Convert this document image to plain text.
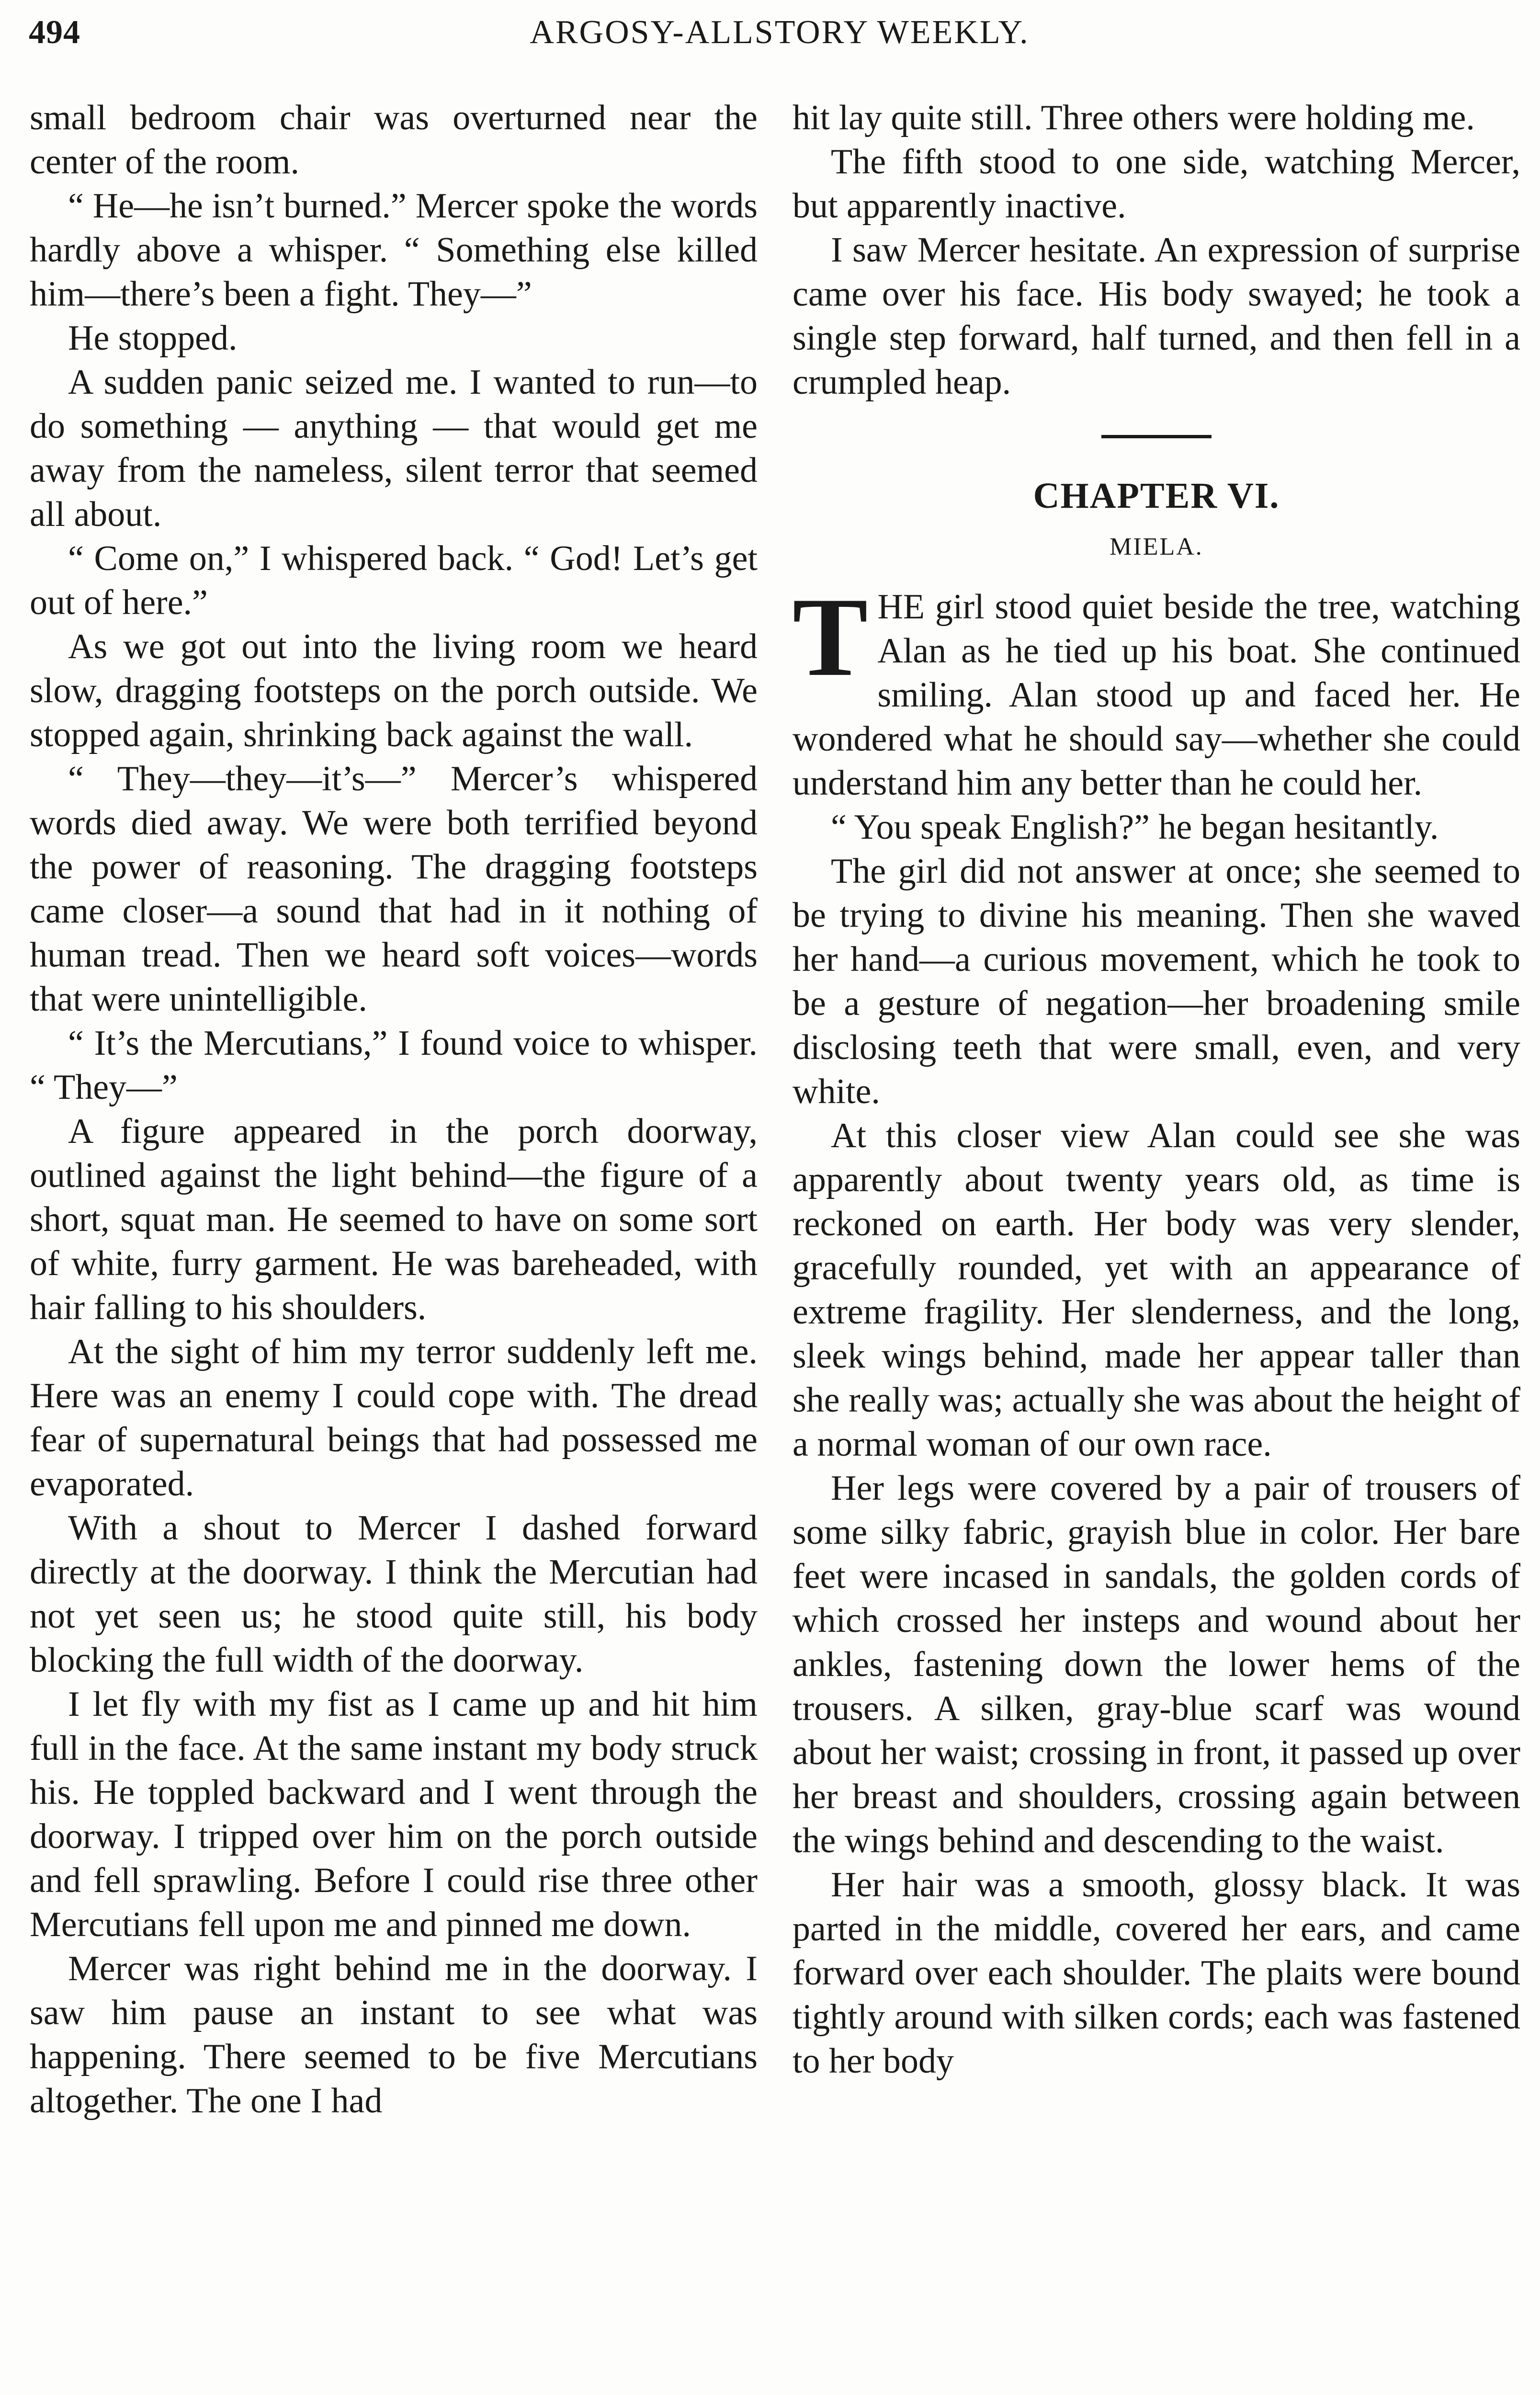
494	ARGOSY-ALLSTORY WEEKLY.

small bedroom chair was overturned near the center of the room.

“ He—he isn’t burned.” Mercer spoke the words hardly above a whisper. “ Something else killed him—there’s been a fight. They—”

He stopped.

A sudden panic seized me. I wanted to run—to do something — anything — that would get me away from the nameless, silent terror that seemed all about.

“ Come on,” I whispered back. “ God! Let’s get out of here.”

As we got out into the living room we heard slow, dragging footsteps on the porch outside. We stopped again, shrinking back against the wall.

“ They—they—it’s—” Mercer’s whispered words died away. We were both terrified beyond the power of reasoning. The dragging footsteps came closer—a sound that had in it nothing of human tread. Then we heard soft voices—words that were unintelligible.

“ It’s the Mercutians,” I found voice to whisper. “ They—”

A figure appeared in the porch doorway, outlined against the light behind—the figure of a short, squat man. He seemed to have on some sort of white, furry garment. He was bareheaded, with hair falling to his shoulders.

At the sight of him my terror suddenly left me. Here was an enemy I could cope with. The dread fear of supernatural beings that had possessed me evaporated.

With a shout to Mercer I dashed forward directly at the doorway. I think the Mercutian had not yet seen us; he stood quite still, his body blocking the full width of the doorway.

I let fly with my fist as I came up and hit him full in the face. At the same instant my body struck his. He toppled backward and I went through the doorway. I tripped over him on the porch outside and fell sprawling. Before I could rise three other Mercutians fell upon me and pinned me down.

Mercer was right behind me in the doorway. I saw him pause an instant to see what was happening. There seemed to be five Mercutians altogether. The one I had

hit lay quite still. Three others were holding me.

The fifth stood to one side, watching Mercer, but apparently inactive.

I saw Mercer hesitate. An expression of surprise came over his face. His body swayed; he took a single step forward, half turned, and then fell in a crumpled heap.

CHAPTER VI.
MIELA.

THE girl stood quiet beside the tree, watching Alan as he tied up his boat. She continued smiling. Alan stood up and faced her. He wondered what he should say—whether she could understand him any better than he could her.

“ You speak English?” he began hesitantly.

The girl did not answer at once; she seemed to be trying to divine his meaning. Then she waved her hand—a curious movement, which he took to be a gesture of negation—her broadening smile disclosing teeth that were small, even, and very white.

At this closer view Alan could see she was apparently about twenty years old, as time is reckoned on earth. Her body was very slender, gracefully rounded, yet with an appearance of extreme fragility. Her slenderness, and the long, sleek wings behind, made her appear taller than she really was; actually she was about the height of a normal woman of our own race.

Her legs were covered by a pair of trousers of some silky fabric, grayish blue in color. Her bare feet were incased in sandals, the golden cords of which crossed her insteps and wound about her ankles, fastening down the lower hems of the trousers. A silken, gray-blue scarf was wound about her waist; crossing in front, it passed up over her breast and shoulders, crossing again between the wings behind and descending to the waist.

Her hair was a smooth, glossy black. It was parted in the middle, covered her ears, and came forward over each shoulder. The plaits were bound tightly around with silken cords; each was fastened to her body
